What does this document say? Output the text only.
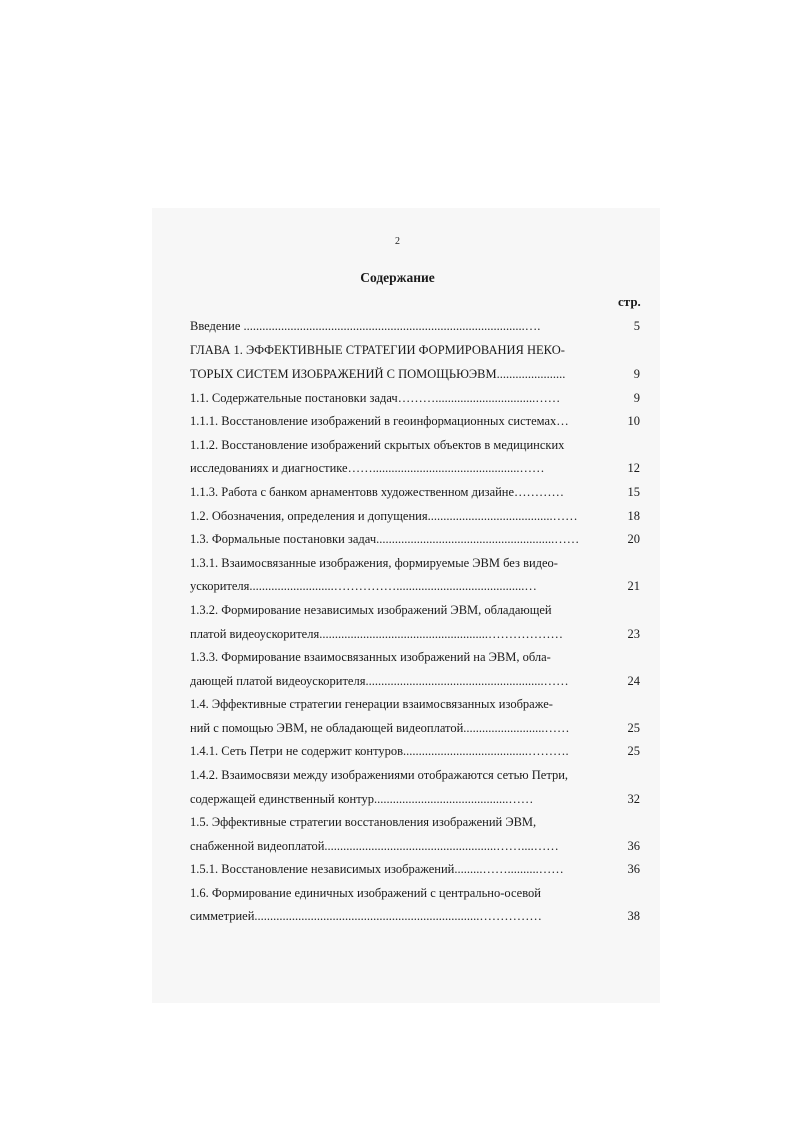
2
Содержание
стр.
Введение ..........................................................................................….	5
ГЛАВА 1. ЭФФЕКТИВНЫЕ СТРАТЕГИИ ФОРМИРОВАНИЯ НЕКО-
ТОРЫХ СИСТЕМ ИЗОБРАЖЕНИЙ С ПОМОЩЬЮЭВМ......................	9
1.1. Содержательные постановки задач………................................……	9
1.1.1. Восстановление изображений в геоинформационных системах…	10
1.1.2. Восстановление изображений скрытых объектов в медицинских
исследованиях и диагностике……...............................................……	12
1.1.3. Работа с банком арнаментовв художественном дизайне…………	15
1.2. Обозначения, определения и допущения........................................……	18
1.3. Формальные постановки задач.........................................................……	20
1.3.1. Взаимосвязанные изображения, формируемые ЭВМ без видео-
ускорителя...........................…………….........................................…	21
1.3.2. Формирование независимых изображений ЭВМ, обладающей
платой видеоускорителя......................................................………………	23
1.3.3. Формирование взаимосвязанных изображений на ЭВМ, обла-
дающей платой видеоускорителя.........................................................……	24
1.4. Эффективные стратегии генерации взаимосвязанных изображе-
ний с помощью ЭВМ, не обладающей видеоплатой..........................……	25
1.4.1. Сеть Петри не содержит контуров........................................……….	25
1.4.2. Взаимосвязи между изображениями отображаются сетью Петри,
содержащей единственный контур...........................................……	32
1.5. Эффективные стратегии восстановления изображений ЭВМ,
снабженной видеоплатой.......................................................……....……	36
1.5.1. Восстановление независимых изображений.........……..........……	36
1.6. Формирование единичных изображений с центрально-осевой
симметрией........................................................................……………	38
